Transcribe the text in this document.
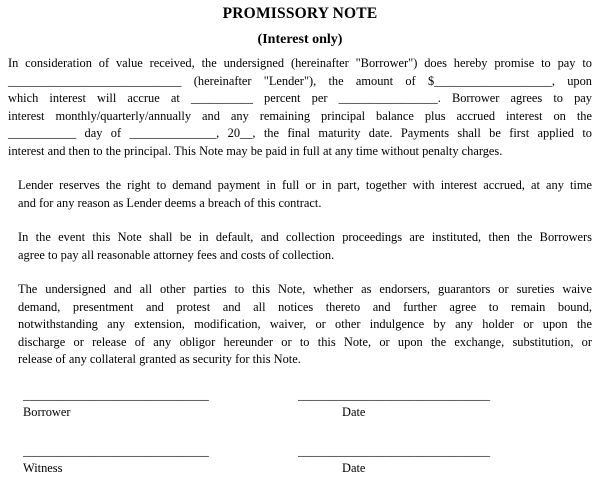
PROMISSORY NOTE
(Interest only)
In consideration of value received, the undersigned (hereinafter "Borrower") does hereby promise to pay to
____________________________ (hereinafter "Lender"), the amount of $___________________, upon
which interest will accrue at __________ percent per ________________. Borrower agrees to pay
interest monthly/quarterly/annually and any remaining principal balance plus accrued interest on the
___________ day of ______________, 20__, the final maturity date. Payments shall be first applied to
interest and then to the principal. This Note may be paid in full at any time without penalty charges.
Lender reserves the right to demand payment in full or in part, together with interest accrued, at any time
and for any reason as Lender deems a breach of this contract.
In the event this Note shall be in default, and collection proceedings are instituted, then the Borrowers
agree to pay all reasonable attorney fees and costs of collection.
The undersigned and all other parties to this Note, whether as endorsers, guarantors or sureties waive
demand, presentment and protest and all notices thereto and further agree to remain bound,
notwithstanding any extension, modification, waiver, or other indulgence by any holder or upon the
discharge or release of any obligor hereunder or to this Note, or upon the exchange, substitution, or
release of any collateral granted as security for this Note.
______________________________
Borrower
_______________________________
Date
______________________________
Witness
_______________________________
Date
